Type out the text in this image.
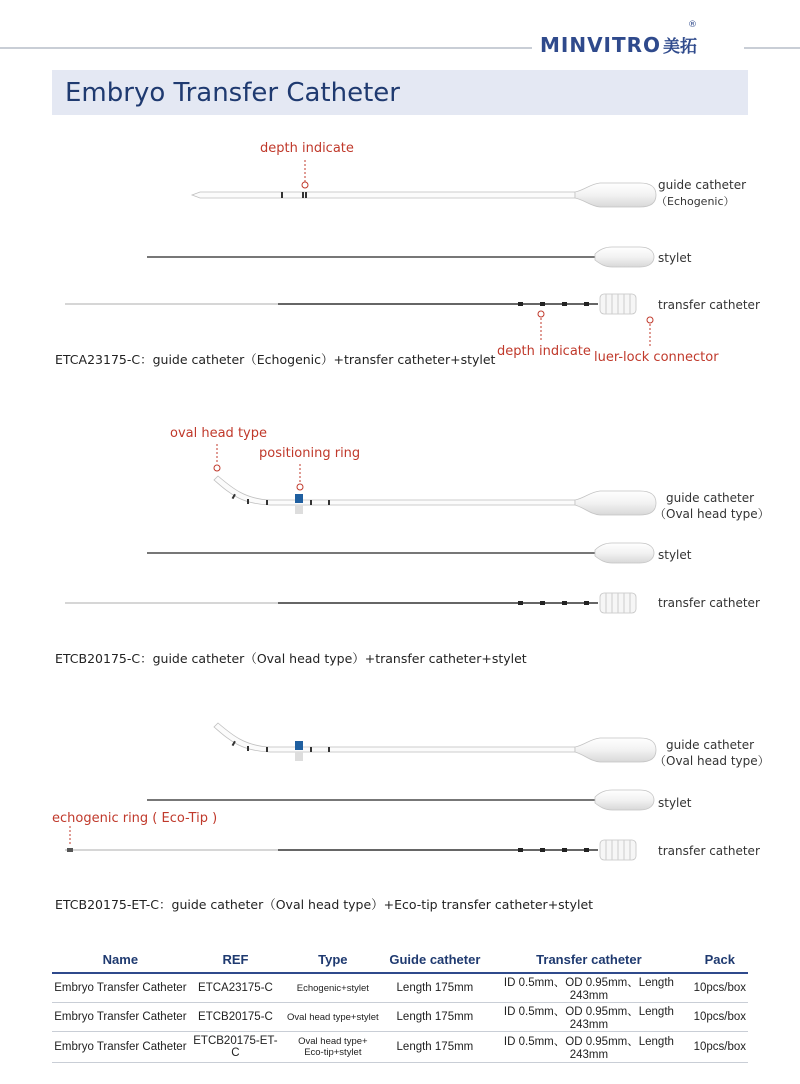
MINVITRO 美拓
®
Embryo Transfer Catheter
depth indicate
guide catheter
（Echogenic）
stylet
transfer catheter
depth indicate luer-lock connector
ETCA23175-C：guide catheter（Echogenic）+transfer catheter+stylet
oval head type
positioning ring
guide catheter
（Oval head type）
stylet
transfer catheter
ETCB20175-C：guide catheter（Oval head type）+transfer catheter+stylet
guide catheter
（Oval head type）
stylet
echogenic ring ( Eco-Tip )
transfer catheter
ETCB20175-ET-C：guide catheter（Oval head type）+Eco-tip transfer catheter+stylet
Name	REF	Type	Guide catheter	Transfer catheter	Pack
Embryo Transfer Catheter	ETCA23175-C	Echogenic+stylet	Length 175mm	ID 0.5mm、OD 0.95mm、Length 243mm	10pcs/box
Embryo Transfer Catheter	ETCB20175-C	Oval head type+stylet	Length 175mm	ID 0.5mm、OD 0.95mm、Length 243mm	10pcs/box
Embryo Transfer Catheter	ETCB20175-ET-C	Oval head type+
Eco-tip+stylet	Length 175mm	ID 0.5mm、OD 0.95mm、Length 243mm	10pcs/box
